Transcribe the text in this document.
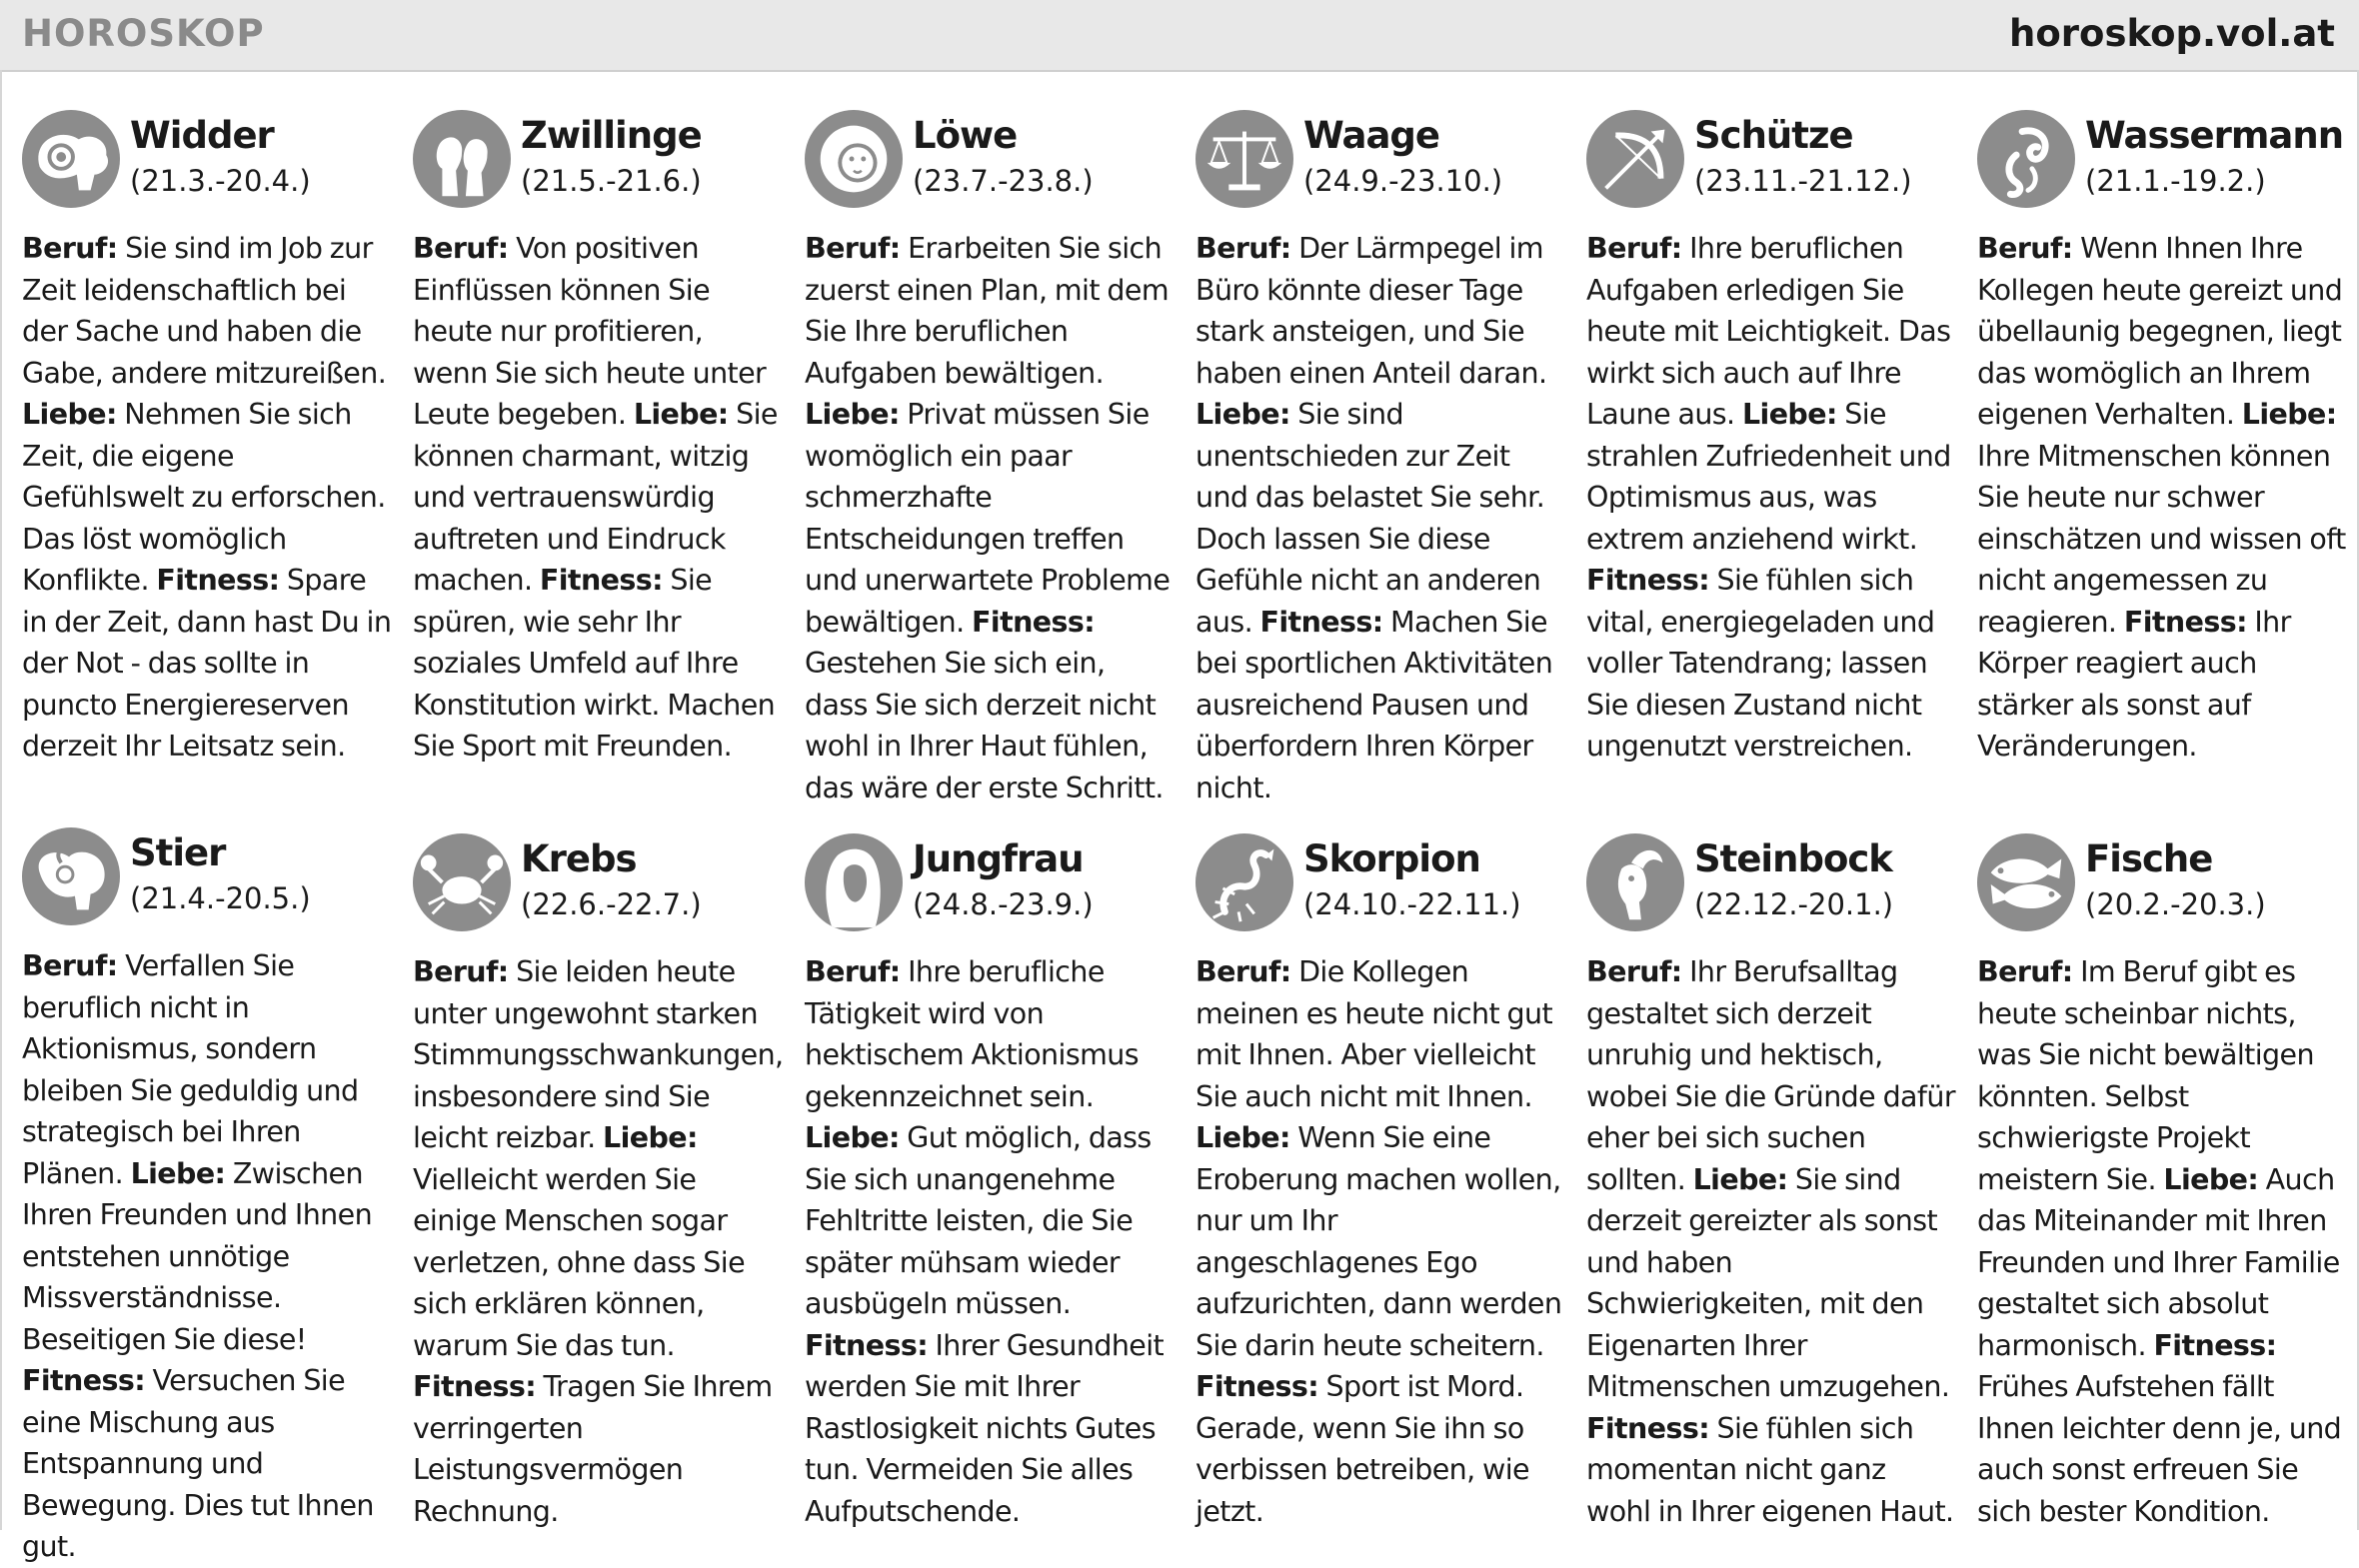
HOROSKOP	horoskop.vol.at
Widder
(21.3.-20.4.)
Beruf: Sie sind im Job zur Zeit leidenschaftlich bei der Sache und haben die Gabe, andere mitzureißen. Liebe: Nehmen Sie sich Zeit, die eigene Gefühlswelt zu erforschen. Das löst womöglich Konflikte. Fitness: Spare in der Zeit, dann hast Du in der Not - das sollte in puncto Energiereserven derzeit Ihr Leitsatz sein.
Zwillinge
(21.5.-21.6.)
Beruf: Von positiven Einflüssen können Sie heute nur profitieren, wenn Sie sich heute unter Leute begeben. Liebe: Sie können charmant, witzig und vertrauenswürdig auftreten und Eindruck machen. Fitness: Sie spüren, wie sehr Ihr soziales Umfeld auf Ihre Konstitution wirkt. Machen Sie Sport mit Freunden.
Löwe
(23.7.-23.8.)
Beruf: Erarbeiten Sie sich zuerst einen Plan, mit dem Sie Ihre beruflichen Aufgaben bewältigen. Liebe: Privat müssen Sie womöglich ein paar schmerzhafte Entscheidungen treffen und unerwartete Probleme bewältigen. Fitness: Gestehen Sie sich ein, dass Sie sich derzeit nicht wohl in Ihrer Haut fühlen, das wäre der erste Schritt.
Waage
(24.9.-23.10.)
Beruf: Der Lärmpegel im Büro könnte dieser Tage stark ansteigen, und Sie haben einen Anteil daran. Liebe: Sie sind unentschieden zur Zeit und das belastet Sie sehr. Doch lassen Sie diese Gefühle nicht an anderen aus. Fitness: Machen Sie bei sportlichen Aktivitäten ausreichend Pausen und überfordern Ihren Körper nicht.
Schütze
(23.11.-21.12.)
Beruf: Ihre beruflichen Aufgaben erledigen Sie heute mit Leichtigkeit. Das wirkt sich auch auf Ihre Laune aus. Liebe: Sie strahlen Zufriedenheit und Optimismus aus, was extrem anziehend wirkt. Fitness: Sie fühlen sich vital, energiegeladen und voller Tatendrang; lassen Sie diesen Zustand nicht ungenutzt verstreichen.
Wassermann
(21.1.-19.2.)
Beruf: Wenn Ihnen Ihre Kollegen heute gereizt und übellaunig begegnen, liegt das womöglich an Ihrem eigenen Verhalten. Liebe: Ihre Mitmenschen können Sie heute nur schwer einschätzen und wissen oft nicht angemessen zu reagieren. Fitness: Ihr Körper reagiert auch stärker als sonst auf Veränderungen.
Stier
(21.4.-20.5.)
Beruf: Verfallen Sie beruflich nicht in Aktionismus, sondern bleiben Sie geduldig und strategisch bei Ihren Plänen. Liebe: Zwischen Ihren Freunden und Ihnen entstehen unnötige Missverständnisse. Beseitigen Sie diese! Fitness: Versuchen Sie eine Mischung aus Entspannung und Bewegung. Dies tut Ihnen gut.
Krebs
(22.6.-22.7.)
Beruf: Sie leiden heute unter ungewohnt starken Stimmungsschwankungen, insbesondere sind Sie leicht reizbar. Liebe: Vielleicht werden Sie einige Menschen sogar verletzen, ohne dass Sie sich erklären können, warum Sie das tun. Fitness: Tragen Sie Ihrem verringerten Leistungsvermögen Rechnung.
Jungfrau
(24.8.-23.9.)
Beruf: Ihre berufliche Tätigkeit wird von hektischem Aktionismus gekennzeichnet sein. Liebe: Gut möglich, dass Sie sich unangenehme Fehltritte leisten, die Sie später mühsam wieder ausbügeln müssen. Fitness: Ihrer Gesundheit werden Sie mit Ihrer Rastlosigkeit nichts Gutes tun. Vermeiden Sie alles Aufputschende.
Skorpion
(24.10.-22.11.)
Beruf: Die Kollegen meinen es heute nicht gut mit Ihnen. Aber vielleicht Sie auch nicht mit Ihnen. Liebe: Wenn Sie eine Eroberung machen wollen, nur um Ihr angeschlagenes Ego aufzurichten, dann werden Sie darin heute scheitern. Fitness: Sport ist Mord. Gerade, wenn Sie ihn so verbissen betreiben, wie jetzt.
Steinbock
(22.12.-20.1.)
Beruf: Ihr Berufsalltag gestaltet sich derzeit unruhig und hektisch, wobei Sie die Gründe dafür eher bei sich suchen sollten. Liebe: Sie sind derzeit gereizter als sonst und haben Schwierigkeiten, mit den Eigenarten Ihrer Mitmenschen umzugehen. Fitness: Sie fühlen sich momentan nicht ganz wohl in Ihrer eigenen Haut.
Fische
(20.2.-20.3.)
Beruf: Im Beruf gibt es heute scheinbar nichts, was Sie nicht bewältigen könnten. Selbst schwierigste Projekt meistern Sie. Liebe: Auch das Miteinander mit Ihren Freunden und Ihrer Familie gestaltet sich absolut harmonisch. Fitness: Frühes Aufstehen fällt Ihnen leichter denn je, und auch sonst erfreuen Sie sich bester Kondition.
